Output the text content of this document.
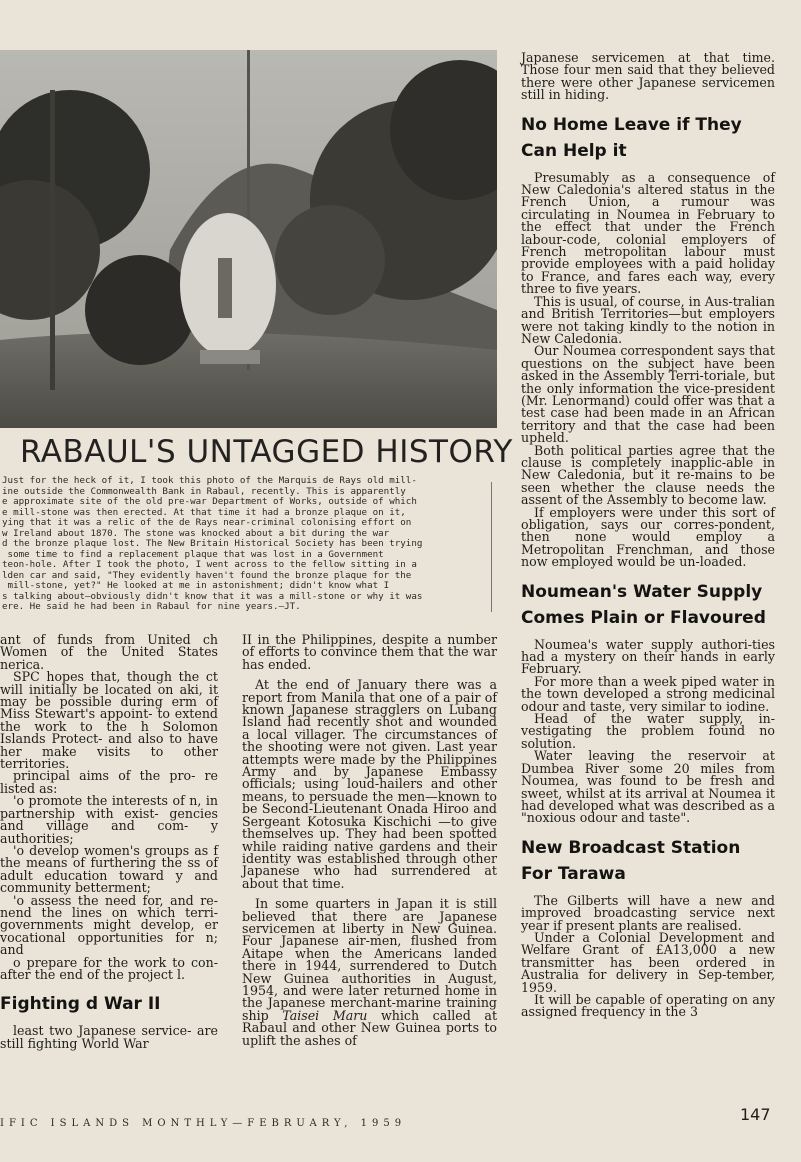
RABAUL'S UNTAGGED HISTORY
Just for the heck of it, I took this photo of the Marquis de Rays old mill-
ine outside the Commonwealth Bank in Rabaul, recently. This is apparently
e approximate site of the old pre-war Department of Works, outside of which
e mill-stone was then erected. At that time it had a bronze plaque on it,
ying that it was a relic of the de Rays near-criminal colonising effort on
w Ireland about 1870. The stone was knocked about a bit during the war
d the bronze plaque lost. The New Britain Historical Society has been trying
some time to find a replacement plaque that was lost in a Government
teon-hole. After I took the photo, I went across to the fellow sitting in a
lden car and said, "They evidently haven't found the bronze plaque for the
mill-stone, yet?" He looked at me in astonishment; didn't know what I
s talking about—obviously didn't know that it was a mill-stone or why it was
ere. He said he had been in Rabaul for nine years.—JT.

ant of funds from United ch Women of the United States nerica.

SPC hopes that, though the ct will initially be located on aki, it may be possible during erm of Miss Stewart's appoint- to extend the work to the h Solomon Islands Protect- and also to have her make visits to other territories.

principal aims of the pro- re listed as:

'o promote the interests of n, in partnership with exist- gencies and village and com- y authorities;

'o develop women's groups as f the means of furthering the ss of adult education toward y and community betterment;

'o assess the need for, and re- nend the lines on which terri- governments might develop, er vocational opportunities for n; and

o prepare for the work to con- after the end of the project l.

Fighting d War II

least two Japanese service- are still fighting World War

II in the Philippines, despite a number of efforts to convince them that the war has ended.

At the end of January there was a report from Manila that one of a pair of known Japanese stragglers on Lubang Island had recently shot and wounded a local villager. The circumstances of the shooting were not given. Last year attempts were made by the Philippines Army and by Japanese Embassy officials; using loud-hailers and other means, to persuade the men—known to be Second-Lieutenant Onada Hiroo and Sergeant Kotosuka Kischichi —to give themselves up. They had been spotted while raiding native gardens and their identity was established through other Japanese who had surrendered at about that time.

In some quarters in Japan it is still believed that there are Japanese servicemen at liberty in New Guinea. Four Japanese air-men, flushed from Aitape when the Americans landed there in 1944, surrendered to Dutch New Guinea authorities in August, 1954, and were later returned home in the Japanese merchant-marine training ship Taisei Maru which called at Rabaul and other New Guinea ports to uplift the ashes of

Japanese servicemen at that time. Those four men said that they believed there were other Japanese servicemen still in hiding.

No Home Leave if They Can Help it

Presumably as a consequence of New Caledonia's altered status in the French Union, a rumour was circulating in Noumea in February to the effect that under the French labour-code, colonial employers of French metropolitan labour must provide employees with a paid holiday to France, and fares each way, every three to five years.

This is usual, of course, in Aus-tralian and British Territories—but employers were not taking kindly to the notion in New Caledonia.

Our Noumea correspondent says that questions on the subject have been asked in the Assembly Terri-toriale, but the only information the vice-president (Mr. Lenormand) could offer was that a test case had been made in an African territory and that the case had been upheld.

Both political parties agree that the clause is completely inapplic-able in New Caledonia, but it re-mains to be seen whether the clause needs the assent of the Assembly to become law.

If employers were under this sort of obligation, says our corres-pondent, then none would employ a Metropolitan Frenchman, and those now employed would be un-loaded.

Noumean's Water Supply Comes Plain or Flavoured

Noumea's water supply authori-ties had a mystery on their hands in early February.

For more than a week piped water in the town developed a strong medicinal odour and taste, very similar to iodine.

Head of the water supply, in-vestigating the problem found no solution.

Water leaving the reservoir at Dumbea River some 20 miles from Noumea, was found to be fresh and sweet, whilst at its arrival at Noumea it had developed what was described as a "noxious odour and taste".

New Broadcast Station For Tarawa

The Gilberts will have a new and improved broadcasting service next year if present plants are realised.

Under a Colonial Development and Welfare Grant of £A13,000 a new transmitter has been ordered in Australia for delivery in Sep-tember, 1959.

It will be capable of operating on any assigned frequency in the 3

IFIC ISLANDS MONTHLY—FEBRUARY, 1959	147
